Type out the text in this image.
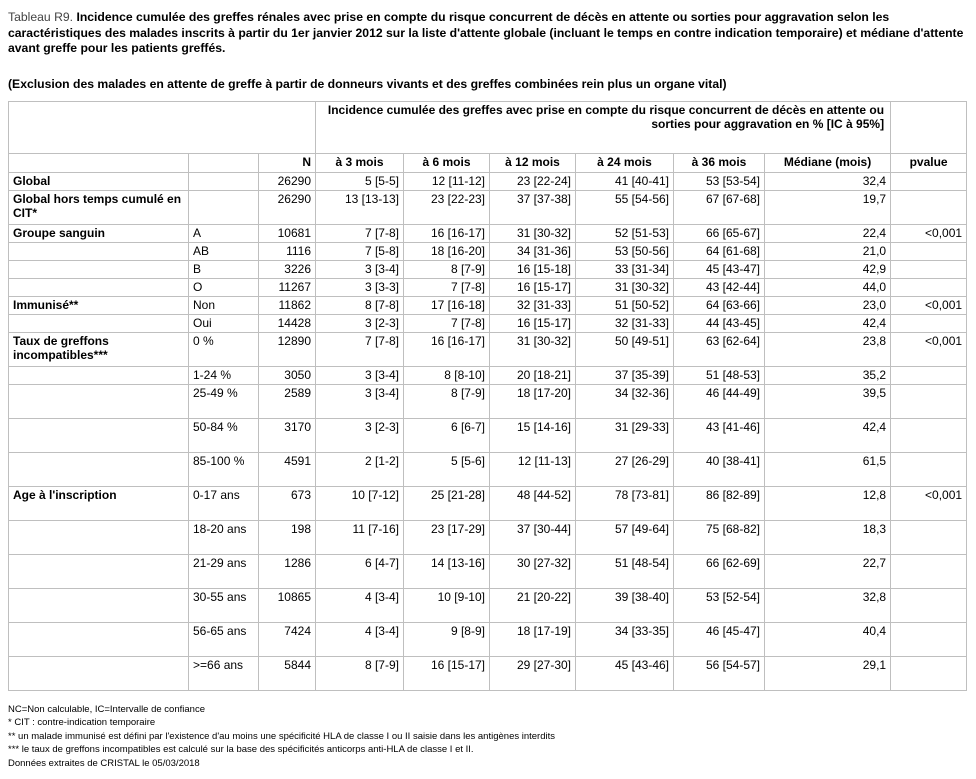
Tableau R9. Incidence cumulée des greffes rénales avec prise en compte du risque concurrent de décès en attente ou sorties pour aggravation selon les caractéristiques des malades inscrits à partir du 1er janvier 2012 sur la liste d'attente globale (incluant le temps en contre indication temporaire) et médiane d'attente avant greffe pour les patients greffés.
(Exclusion des malades en attente de greffe à partir de donneurs vivants et des greffes combinées rein plus un organe vital)
			Incidence cumulée des greffes avec prise en compte du risque concurrent de décès en attente ou sorties pour aggravation en % [IC à 95%]						
		N	à 3 mois	à 6 mois	à 12 mois	à 24 mois	à 36 mois	Médiane (mois)	pvalue
Global		26290	5 [5-5]	12 [11-12]	23 [22-24]	41 [40-41]	53 [53-54]	32,4	
Global hors temps cumulé en CIT*		26290	13 [13-13]	23 [22-23]	37 [37-38]	55 [54-56]	67 [67-68]	19,7	
Groupe sanguin	A	10681	7 [7-8]	16 [16-17]	31 [30-32]	52 [51-53]	66 [65-67]	22,4	<0,001
	AB	1116	7 [5-8]	18 [16-20]	34 [31-36]	53 [50-56]	64 [61-68]	21,0	
	B	3226	3 [3-4]	8 [7-9]	16 [15-18]	33 [31-34]	45 [43-47]	42,9	
	O	11267	3 [3-3]	7 [7-8]	16 [15-17]	31 [30-32]	43 [42-44]	44,0	
Immunisé**	Non	11862	8 [7-8]	17 [16-18]	32 [31-33]	51 [50-52]	64 [63-66]	23,0	<0,001
	Oui	14428	3 [2-3]	7 [7-8]	16 [15-17]	32 [31-33]	44 [43-45]	42,4	
Taux de greffons incompatibles***	0 %	12890	7 [7-8]	16 [16-17]	31 [30-32]	50 [49-51]	63 [62-64]	23,8	<0,001
	1-24 %	3050	3 [3-4]	8 [8-10]	20 [18-21]	37 [35-39]	51 [48-53]	35,2	
	25-49 %	2589	3 [3-4]	8 [7-9]	18 [17-20]	34 [32-36]	46 [44-49]	39,5	
	50-84 %	3170	3 [2-3]	6 [6-7]	15 [14-16]	31 [29-33]	43 [41-46]	42,4	
	85-100 %	4591	2 [1-2]	5 [5-6]	12 [11-13]	27 [26-29]	40 [38-41]	61,5	
Age à l'inscription	0-17 ans	673	10 [7-12]	25 [21-28]	48 [44-52]	78 [73-81]	86 [82-89]	12,8	<0,001
	18-20 ans	198	11 [7-16]	23 [17-29]	37 [30-44]	57 [49-64]	75 [68-82]	18,3	
	21-29 ans	1286	6 [4-7]	14 [13-16]	30 [27-32]	51 [48-54]	66 [62-69]	22,7	
	30-55 ans	10865	4 [3-4]	10 [9-10]	21 [20-22]	39 [38-40]	53 [52-54]	32,8	
	56-65 ans	7424	4 [3-4]	9 [8-9]	18 [17-19]	34 [33-35]	46 [45-47]	40,4	
	>=66 ans	5844	8 [7-9]	16 [15-17]	29 [27-30]	45 [43-46]	56 [54-57]	29,1	
NC=Non calculable, IC=Intervalle de confiance
* CIT : contre-indication temporaire
** un malade immunisé est défini par l'existence d'au moins une spécificité HLA de classe I ou II saisie dans les antigènes interdits
*** le taux de greffons incompatibles est calculé sur la base des spécificités anticorps anti-HLA de classe I et II.
Données extraites de CRISTAL le 05/03/2018
